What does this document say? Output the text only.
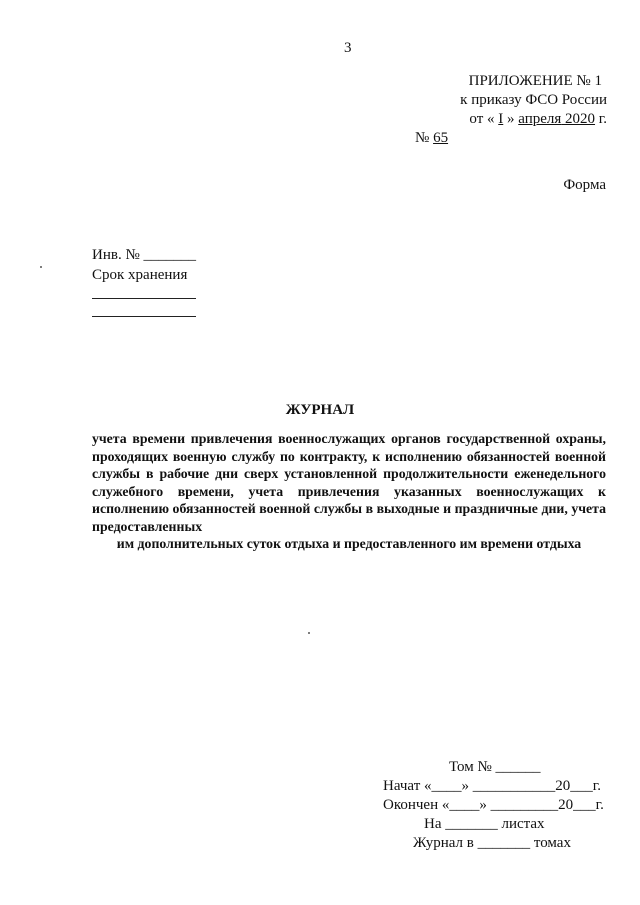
3
ПРИЛОЖЕНИЕ № 1
к приказу ФСО России
от « I » апреля 2020 г.
№ 65
Форма
Инв. № _______
Срок хранения
ЖУРНАЛ
учета времени привлечения военнослужащих органов государственной охраны, проходящих военную службу по контракту, к исполнению обязанностей военной службы в рабочие дни сверх установленной продолжительности еженедельного служебного времени, учета привлечения указанных военнослужащих к исполнению обязанностей военной службы в выходные и праздничные дни, учета предоставленных
им дополнительных суток отдыха и предоставленного им времени отдыха
Том № ______
Начат «____» ___________20___г.
Окончен «____» _________20___г.
На _______ листах
Журнал в _______ томах
